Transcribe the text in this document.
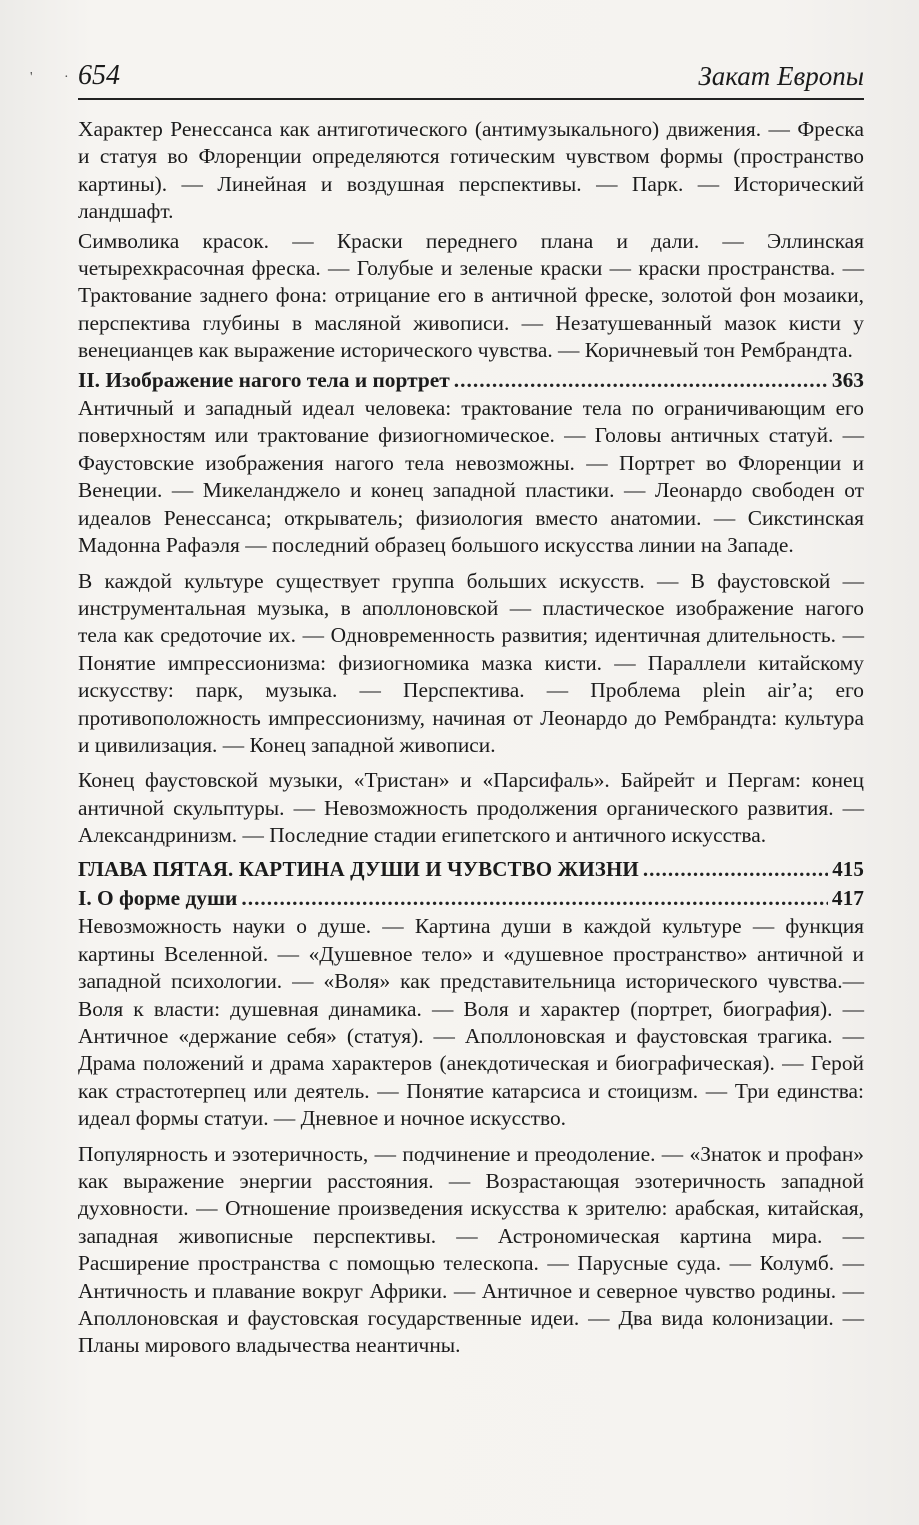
' ·
654	Закат Европы

Характер Ренессанса как антиготического (антимузыкального) движения. — Фреска и статуя во Флоренции определяются готическим чувством формы (пространство картины). — Линейная и воздушная перспективы. — Парк. — Исторический ландшафт.

Символика красок. — Краски переднего плана и дали. — Эллинская четырехкрасочная фреска. — Голубые и зеленые краски — краски пространства. — Трактование заднего фона: отрицание его в античной фреске, золотой фон мозаики, перспектива глубины в масляной живописи. — Незатушеванный мазок кисти у венецианцев как выражение исторического чувства. — Коричневый тон Рембрандта.

II. Изображение нагого тела и портрет .....	363

Античный и западный идеал человека: трактование тела по ограничивающим его поверхностям или трактование физиогномическое. — Головы античных статуй. — Фаустовские изображения нагого тела невозможны. — Портрет во Флоренции и Венеции. — Микеланджело и конец западной пластики. — Леонардо свободен от идеалов Ренессанса; открыватель; физиология вместо анатомии. — Сикстинская Мадонна Рафаэля — последний образец большого искусства линии на Западе.

В каждой культуре существует группа больших искусств. — В фаустовской — инструментальная музыка, в аполлоновской — пластическое изображение нагого тела как средоточие их. — Одновременность развития; идентичная длительность. — Понятие импрессионизма: физиогномика мазка кисти. — Параллели китайскому искусству: парк, музыка. — Перспектива. — Проблема plein air’a; его противоположность импрессионизму, начиная от Леонардо до Рембрандта: культура и цивилизация. — Конец западной живописи.

Конец фаустовской музыки, «Тристан» и «Парсифаль». Байрейт и Пергам: конец античной скульптуры. — Невозможность продолжения органического развития. — Александринизм. — Последние стадии египетского и античного искусства.

ГЛАВА ПЯТАЯ. КАРТИНА ДУШИ И ЧУВСТВО ЖИЗНИ .....	415
I. О форме души .....	417

Невозможность науки о душе. — Картина души в каждой культуре — функция картины Вселенной. — «Душевное тело» и «душевное пространство» античной и западной психологии. — «Воля» как представительница исторического чувства.— Воля к власти: душевная динамика. — Воля и характер (портрет, биография). — Античное «держание себя» (статуя). — Аполлоновская и фаустовская трагика. — Драма положений и драма характеров (анекдотическая и биографическая). — Герой как страстотерпец или деятель. — Понятие катарсиса и стоицизм. — Три единства: идеал формы статуи. — Дневное и ночное искусство.

Популярность и эзотеричность, — подчинение и преодоление. — «Знаток и профан» как выражение энергии расстояния. — Возрастающая эзотеричность западной духовности. — Отношение произведения искусства к зрителю: арабская, китайская, западная живописные перспективы. — Астрономическая картина мира. — Расширение пространства с помощью телескопа. — Парусные суда. — Колумб. — Античность и плавание вокруг Африки. — Античное и северное чувство родины. — Аполлоновская и фаустовская государственные идеи. — Два вида колонизации. — Планы мирового владычества неантичны.
